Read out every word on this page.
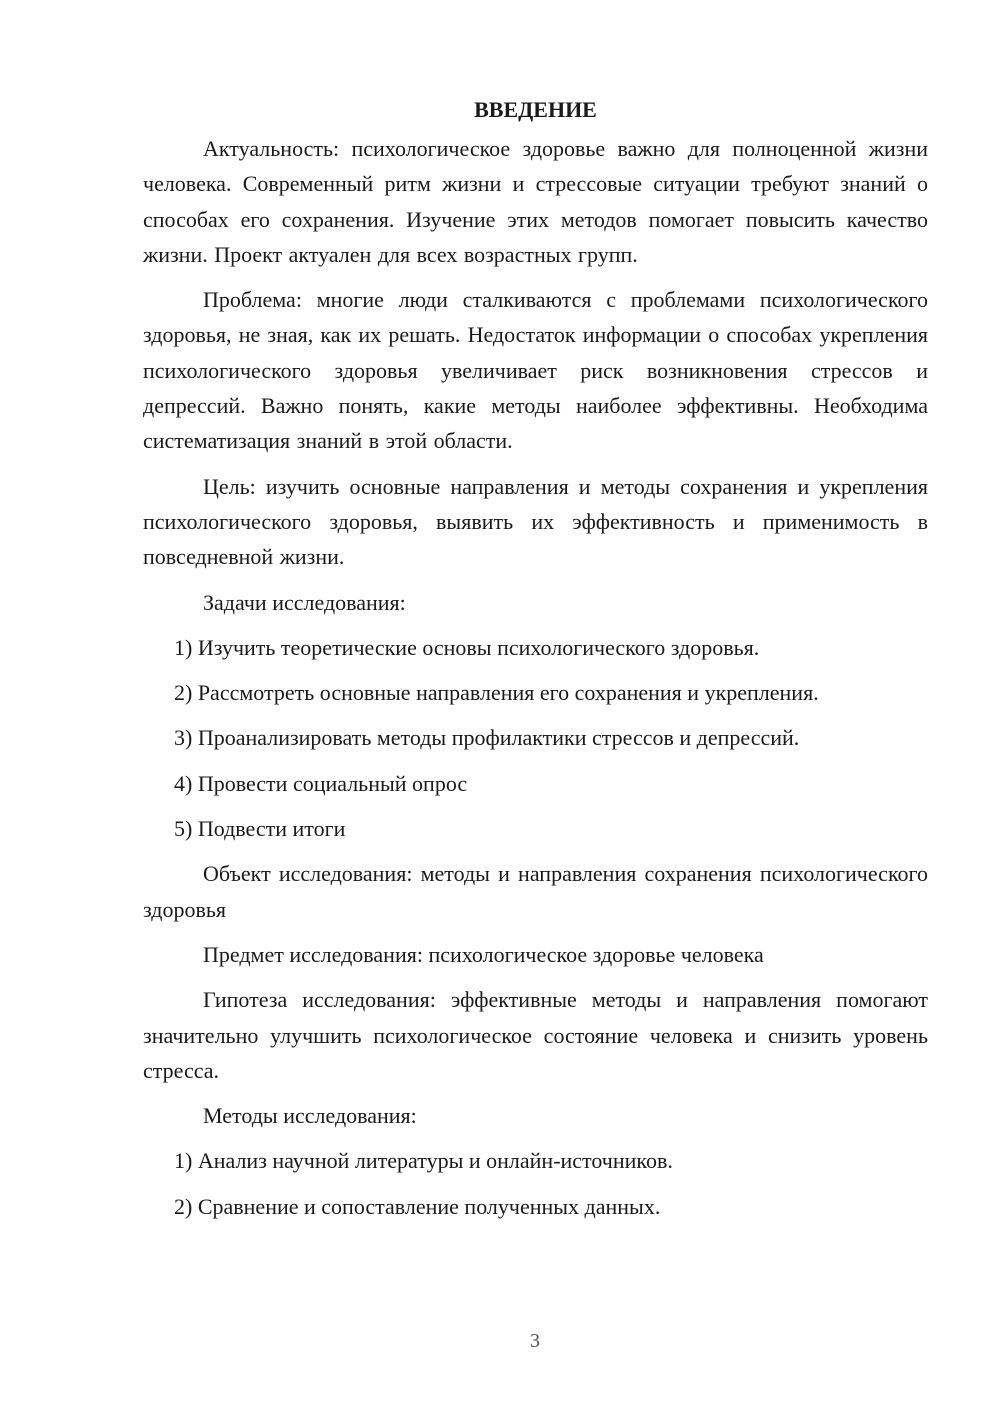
ВВЕДЕНИЕ

Актуальность: психологическое здоровье важно для полноценной жизни человека. Современный ритм жизни и стрессовые ситуации требуют знаний о способах его сохранения. Изучение этих методов помогает повысить качество жизни. Проект актуален для всех возрастных групп.

Проблема: многие люди сталкиваются с проблемами психологического здоровья, не зная, как их решать. Недостаток информации о способах укрепления психологического здоровья увеличивает риск возникновения стрессов и депрессий. Важно понять, какие методы наиболее эффективны. Необходима систематизация знаний в этой области.

Цель: изучить основные направления и методы сохранения и укрепления психологического здоровья, выявить их эффективность и применимость в повседневной жизни.

Задачи исследования:

1) Изучить теоретические основы психологического здоровья.

2) Рассмотреть основные направления его сохранения и укрепления.

3) Проанализировать методы профилактики стрессов и депрессий.

4) Провести социальный опрос

5) Подвести итоги

Объект исследования: методы и направления сохранения психологического здоровья

Предмет исследования: психологическое здоровье человека

Гипотеза исследования: эффективные методы и направления помогают значительно улучшить психологическое состояние человека и снизить уровень стресса.

Методы исследования:

1) Анализ научной литературы и онлайн-источников.

2) Сравнение и сопоставление полученных данных.

3
